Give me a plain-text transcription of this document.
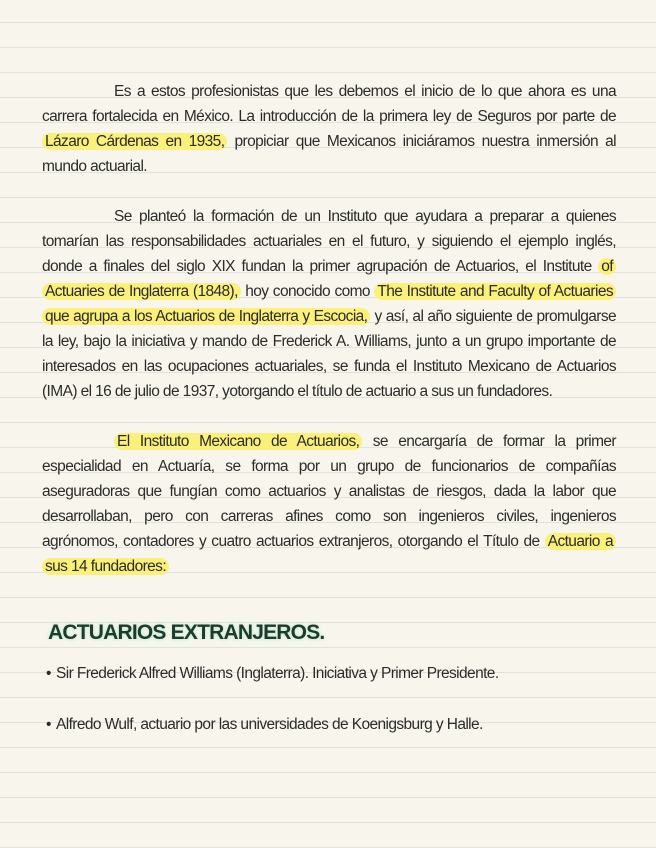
Es a estos profesionistas que les debemos el inicio de lo que ahora es una carrera fortalecida en México. La introducción de la primera ley de Seguros por parte de Lázaro Cárdenas en 1935, propiciar que Mexicanos iniciáramos nuestra inmersión al mundo actuarial.

Se planteó la formación de un Instituto que ayudara a preparar a quienes tomarían las responsabilidades actuariales en el futuro, y siguiendo el ejemplo inglés, donde a finales del siglo XIX fundan la primer agrupación de Actuarios, el Institute of Actuaries de Inglaterra (1848), hoy conocido como The Institute and Faculty of Actuaries que agrupa a los Actuarios de Inglaterra y Escocia, y así, al año siguiente de promulgarse la ley, bajo la iniciativa y mando de Frederick A. Williams, junto a un grupo importante de interesados en las ocupaciones actuariales, se funda el Instituto Mexicano de Actuarios (IMA) el 16 de julio de 1937, yotorgando el título de actuario a sus un fundadores.

El Instituto Mexicano de Actuarios, se encargaría de formar la primer especialidad en Actuaría, se forma por un grupo de funcionarios de compañías aseguradoras que fungían como actuarios y analistas de riesgos, dada la labor que desarrollaban, pero con carreras afines como son ingenieros civiles, ingenieros agrónomos, contadores y cuatro actuarios extranjeros, otorgando el Título de Actuario a sus 14 fundadores:

ACTUARIOS EXTRANJEROS.
• Sir Frederick Alfred Williams (Inglaterra). Iniciativa y Primer Presidente.
• Alfredo Wulf, actuario por las universidades de Koenigsburg y Halle.
